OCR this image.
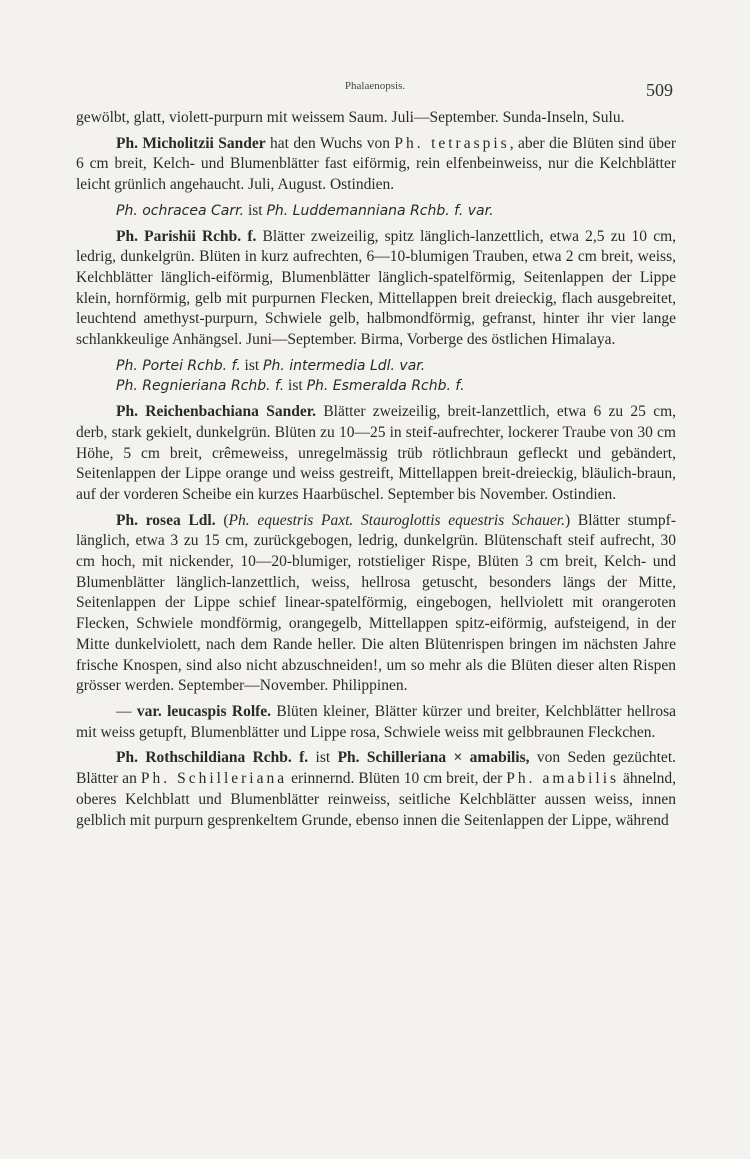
Phalaenopsis.	509

gewölbt, glatt, violett-purpurn mit weissem Saum. Juli—September. Sunda-Inseln, Sulu.

Ph. Micholitzii Sander hat den Wuchs von Ph. tetraspis, aber die Blüten sind über 6 cm breit, Kelch- und Blumenblätter fast eiförmig, rein elfenbeinweiss, nur die Kelchblätter leicht grünlich angehaucht. Juli, August. Ostindien.

Ph. ochracea Carr. ist Ph. Luddemanniana Rchb. f. var.

Ph. Parishii Rchb. f. Blätter zweizeilig, spitz länglich-lanzettlich, etwa 2,5 zu 10 cm, ledrig, dunkelgrün. Blüten in kurz aufrechten, 6—10-blumigen Trauben, etwa 2 cm breit, weiss, Kelchblätter länglich-eiförmig, Blumenblätter länglich-spatelförmig, Seitenlappen der Lippe klein, hornförmig, gelb mit purpurnen Flecken, Mittellappen breit dreieckig, flach ausgebreitet, leuchtend amethyst-purpurn, Schwiele gelb, halbmondförmig, gefranst, hinter ihr vier lange schlankkeulige Anhängsel. Juni—September. Birma, Vorberge des östlichen Himalaya.

Ph. Portei Rchb. f. ist Ph. intermedia Ldl. var.

Ph. Regnieriana Rchb. f. ist Ph. Esmeralda Rchb. f.

Ph. Reichenbachiana Sander. Blätter zweizeilig, breit-lanzettlich, etwa 6 zu 25 cm, derb, stark gekielt, dunkelgrün. Blüten zu 10—25 in steif-aufrechter, lockerer Traube von 30 cm Höhe, 5 cm breit, crêmeweiss, unregelmässig trüb rötlichbraun gefleckt und gebändert, Seitenlappen der Lippe orange und weiss gestreift, Mittellappen breit-dreieckig, bläulich-braun, auf der vorderen Scheibe ein kurzes Haarbüschel. September bis November. Ostindien.

Ph. rosea Ldl. (Ph. equestris Paxt. Stauroglottis equestris Schauer.) Blätter stumpf-länglich, etwa 3 zu 15 cm, zurückgebogen, ledrig, dunkelgrün. Blütenschaft steif aufrecht, 30 cm hoch, mit nickender, 10—20-blumiger, rotstieliger Rispe, Blüten 3 cm breit, Kelch- und Blumenblätter länglich-lanzettlich, weiss, hellrosa getuscht, besonders längs der Mitte, Seitenlappen der Lippe schief linear-spatelförmig, eingebogen, hellviolett mit orangeroten Flecken, Schwiele mondförmig, orangegelb, Mittellappen spitz-eiförmig, aufsteigend, in der Mitte dunkelviolett, nach dem Rande heller. Die alten Blütenrispen bringen im nächsten Jahre frische Knospen, sind also nicht abzuschneiden!, um so mehr als die Blüten dieser alten Rispen grösser werden. September—November. Philippinen.

— var. leucaspis Rolfe. Blüten kleiner, Blätter kürzer und breiter, Kelchblätter hellrosa mit weiss getupft, Blumenblätter und Lippe rosa, Schwiele weiss mit gelbbraunen Fleckchen.

Ph. Rothschildiana Rchb. f. ist Ph. Schilleriana × amabilis, von Seden gezüchtet. Blätter an Ph. Schilleriana erinnernd. Blüten 10 cm breit, der Ph. amabilis ähnelnd, oberes Kelchblatt und Blumenblätter reinweiss, seitliche Kelchblätter aussen weiss, innen gelblich mit purpurn gesprenkeltem Grunde, ebenso innen die Seitenlappen der Lippe, während
